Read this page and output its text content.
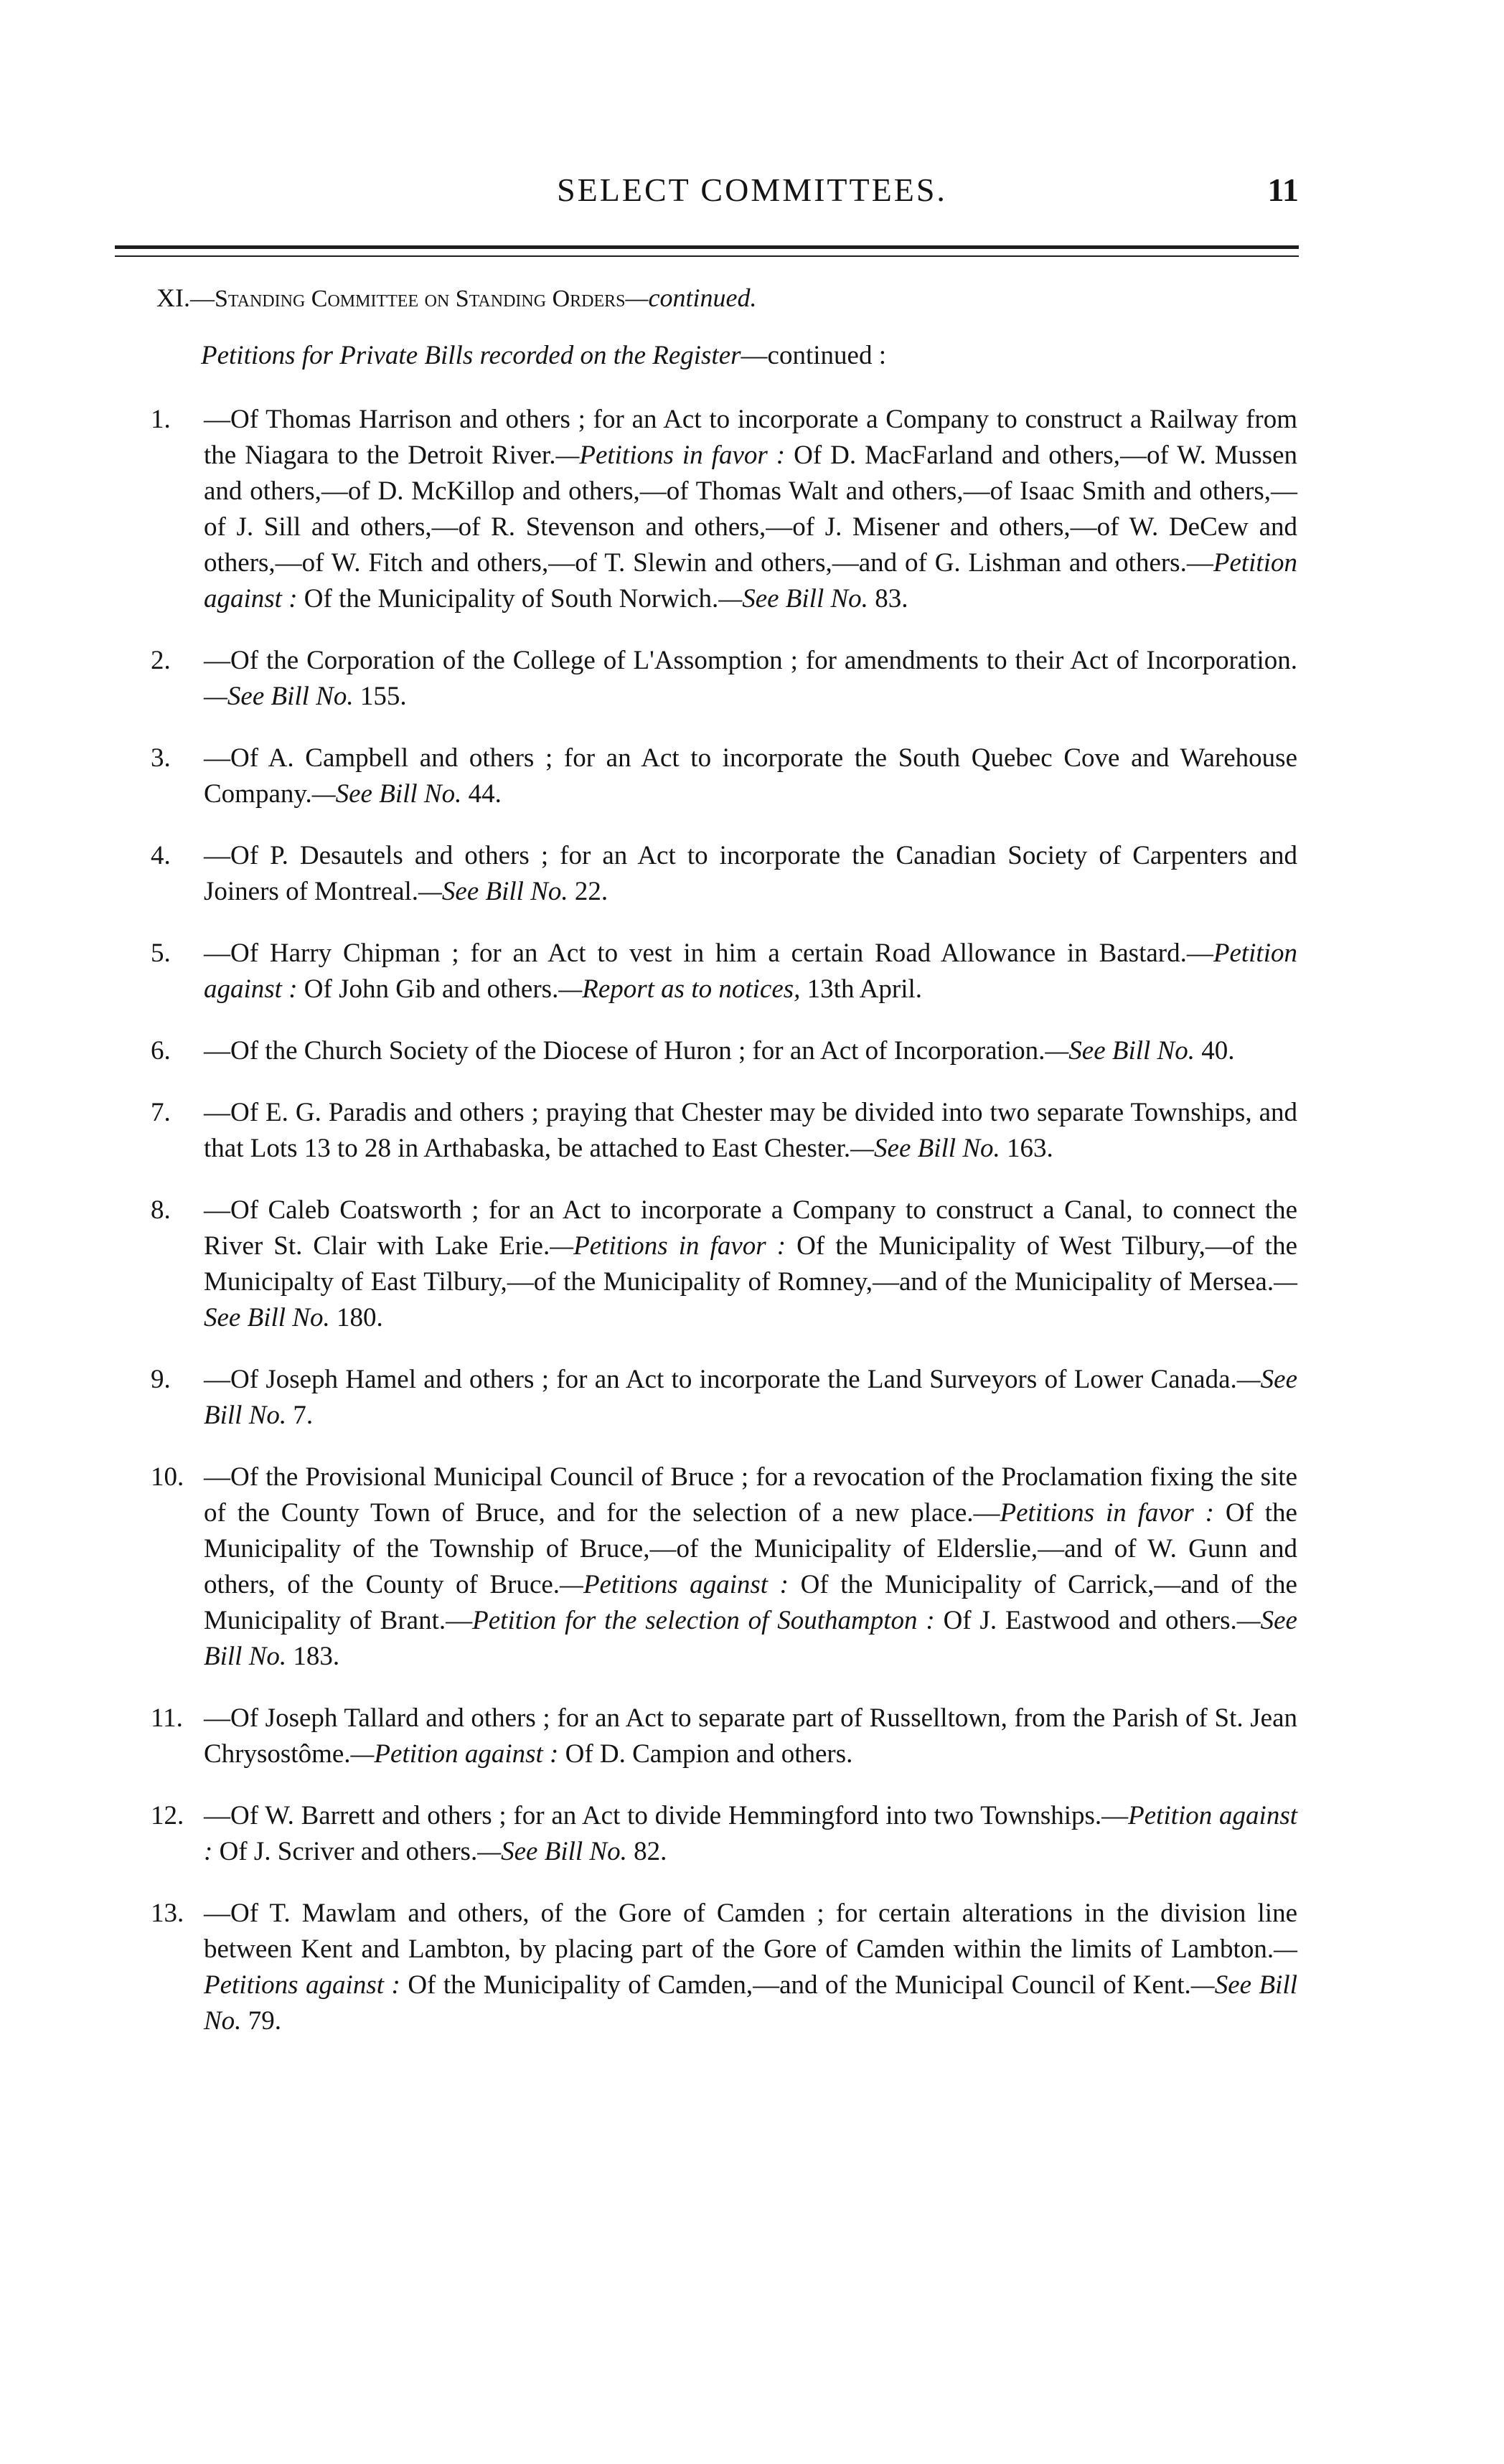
SELECT COMMITTEES.	11
XI.—Standing Committee on Standing Orders—continued.
Petitions for Private Bills recorded on the Register—continued :
1. —Of Thomas Harrison and others ; for an Act to incorporate a Company to construct a Railway from the Niagara to the Detroit River.—Petitions in favor : Of D. MacFarland and others,—of W. Mussen and others,—of D. McKillop and others,—of Thomas Walt and others,—of Isaac Smith and others,—of J. Sill and others,—of R. Stevenson and others,—of J. Misener and others,—of W. DeCew and others,—of W. Fitch and others,—of T. Slewin and others,—and of G. Lishman and others.—Petition against : Of the Municipality of South Norwich.—See Bill No. 83.
2. —Of the Corporation of the College of L'Assomption ; for amendments to their Act of Incorporation.—See Bill No. 155.
3. —Of A. Campbell and others ; for an Act to incorporate the South Quebec Cove and Warehouse Company.—See Bill No. 44.
4. —Of P. Desautels and others ; for an Act to incorporate the Canadian Society of Carpenters and Joiners of Montreal.—See Bill No. 22.
5. —Of Harry Chipman ; for an Act to vest in him a certain Road Allowance in Bastard.—Petition against : Of John Gib and others.—Report as to notices, 13th April.
6. —Of the Church Society of the Diocese of Huron ; for an Act of Incorporation.—See Bill No. 40.
7. —Of E. G. Paradis and others ; praying that Chester may be divided into two separate Townships, and that Lots 13 to 28 in Arthabaska, be attached to East Chester.—See Bill No. 163.
8. —Of Caleb Coatsworth ; for an Act to incorporate a Company to construct a Canal, to connect the River St. Clair with Lake Erie.—Petitions in favor : Of the Municipality of West Tilbury,—of the Municipalty of East Tilbury,—of the Municipality of Romney,—and of the Municipality of Mersea.—See Bill No. 180.
9. —Of Joseph Hamel and others ; for an Act to incorporate the Land Surveyors of Lower Canada.—See Bill No. 7.
10. —Of the Provisional Municipal Council of Bruce ; for a revocation of the Proclamation fixing the site of the County Town of Bruce, and for the selection of a new place.—Petitions in favor : Of the Municipality of the Township of Bruce,—of the Municipality of Elderslie,—and of W. Gunn and others, of the County of Bruce.—Petitions against : Of the Municipality of Carrick,—and of the Municipality of Brant.—Petition for the selection of Southampton : Of J. Eastwood and others.—See Bill No. 183.
11. —Of Joseph Tallard and others ; for an Act to separate part of Russelltown, from the Parish of St. Jean Chrysostôme.—Petition against : Of D. Campion and others.
12. —Of W. Barrett and others ; for an Act to divide Hemmingford into two Townships.—Petition against : Of J. Scriver and others.—See Bill No. 82.
13. —Of T. Mawlam and others, of the Gore of Camden ; for certain alterations in the division line between Kent and Lambton, by placing part of the Gore of Camden within the limits of Lambton.—Petitions against : Of the Municipality of Camden,—and of the Municipal Council of Kent.—See Bill No. 79.
